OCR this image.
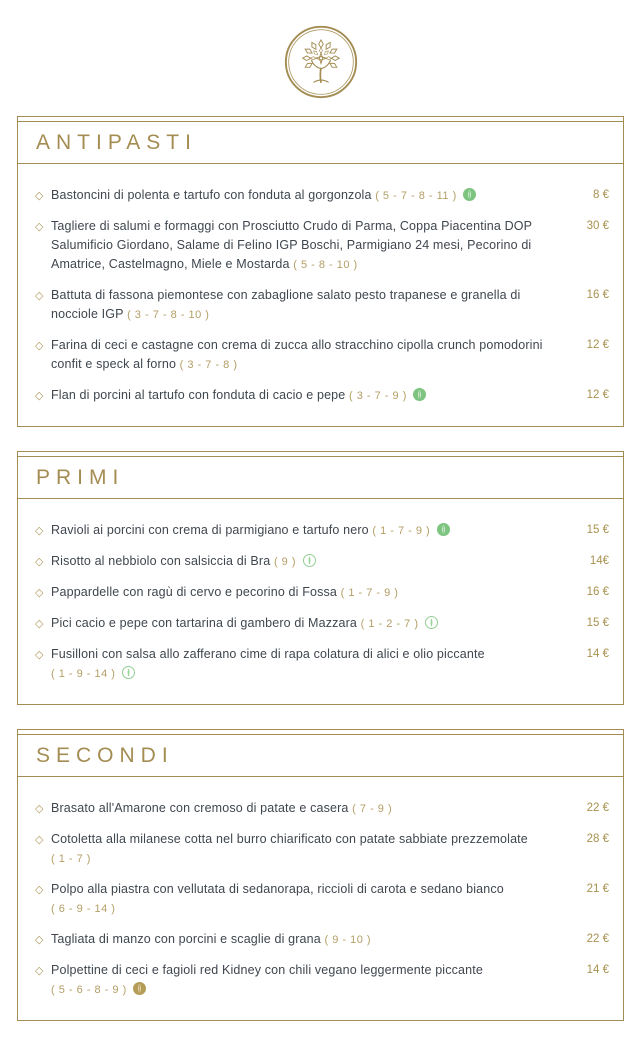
ANTIPASTI
◇ Bastoncini di polenta e tartufo con fonduta al gorgonzola ( 5 - 7 - 8 - 11 )	8 €
◇ Tagliere di salumi e formaggi con Prosciutto Crudo di Parma, Coppa Piacentina DOP Salumificio Giordano, Salame di Felino IGP Boschi, Parmigiano 24 mesi, Pecorino di Amatrice, Castelmagno, Miele e Mostarda ( 5 - 8 - 10 )
30 €
◇ Battuta di fassona piemontese con zabaglione salato pesto trapanese e granella di nocciole IGP ( 3 - 7 - 8 - 10 )
16 €
◇ Farina di ceci e castagne con crema di zucca allo stracchino cipolla crunch pomodorini confit e speck al forno ( 3 - 7 - 8 )
12 €
◇ Flan di porcini al tartufo con fonduta di cacio e pepe ( 3 - 7 - 9 )	12 €
PRIMI
◇ Ravioli ai porcini con crema di parmigiano e tartufo nero ( 1 - 7 - 9 )	15 €
◇ Risotto al nebbiolo con salsiccia di Bra ( 9 )	14€
◇ Pappardelle con ragù di cervo e pecorino di Fossa ( 1 - 7 - 9 )	16 €
◇ Pici cacio e pepe con tartarina di gambero di Mazzara ( 1 - 2 - 7 )	15 €
◇ Fusilloni con salsa allo zafferano cime di rapa colatura di alici e olio piccante ( 1 - 9 - 14 )
14 €
SECONDI
◇ Brasato all'Amarone con cremoso di patate e casera ( 7 - 9 )	22 €
◇ Cotoletta alla milanese cotta nel burro chiarificato con patate sabbiate prezzemolate ( 1 - 7 )
28 €
◇ Polpo alla piastra con vellutata di sedanorapa, riccioli di carota e sedano bianco ( 6 - 9 - 14 )
21 €
◇ Tagliata di manzo con porcini e scaglie di grana ( 9 - 10 )	22 €
◇ Polpettine di ceci e fagioli red Kidney con chili vegano leggermente piccante ( 5 - 6 - 8 - 9 )
14 €
